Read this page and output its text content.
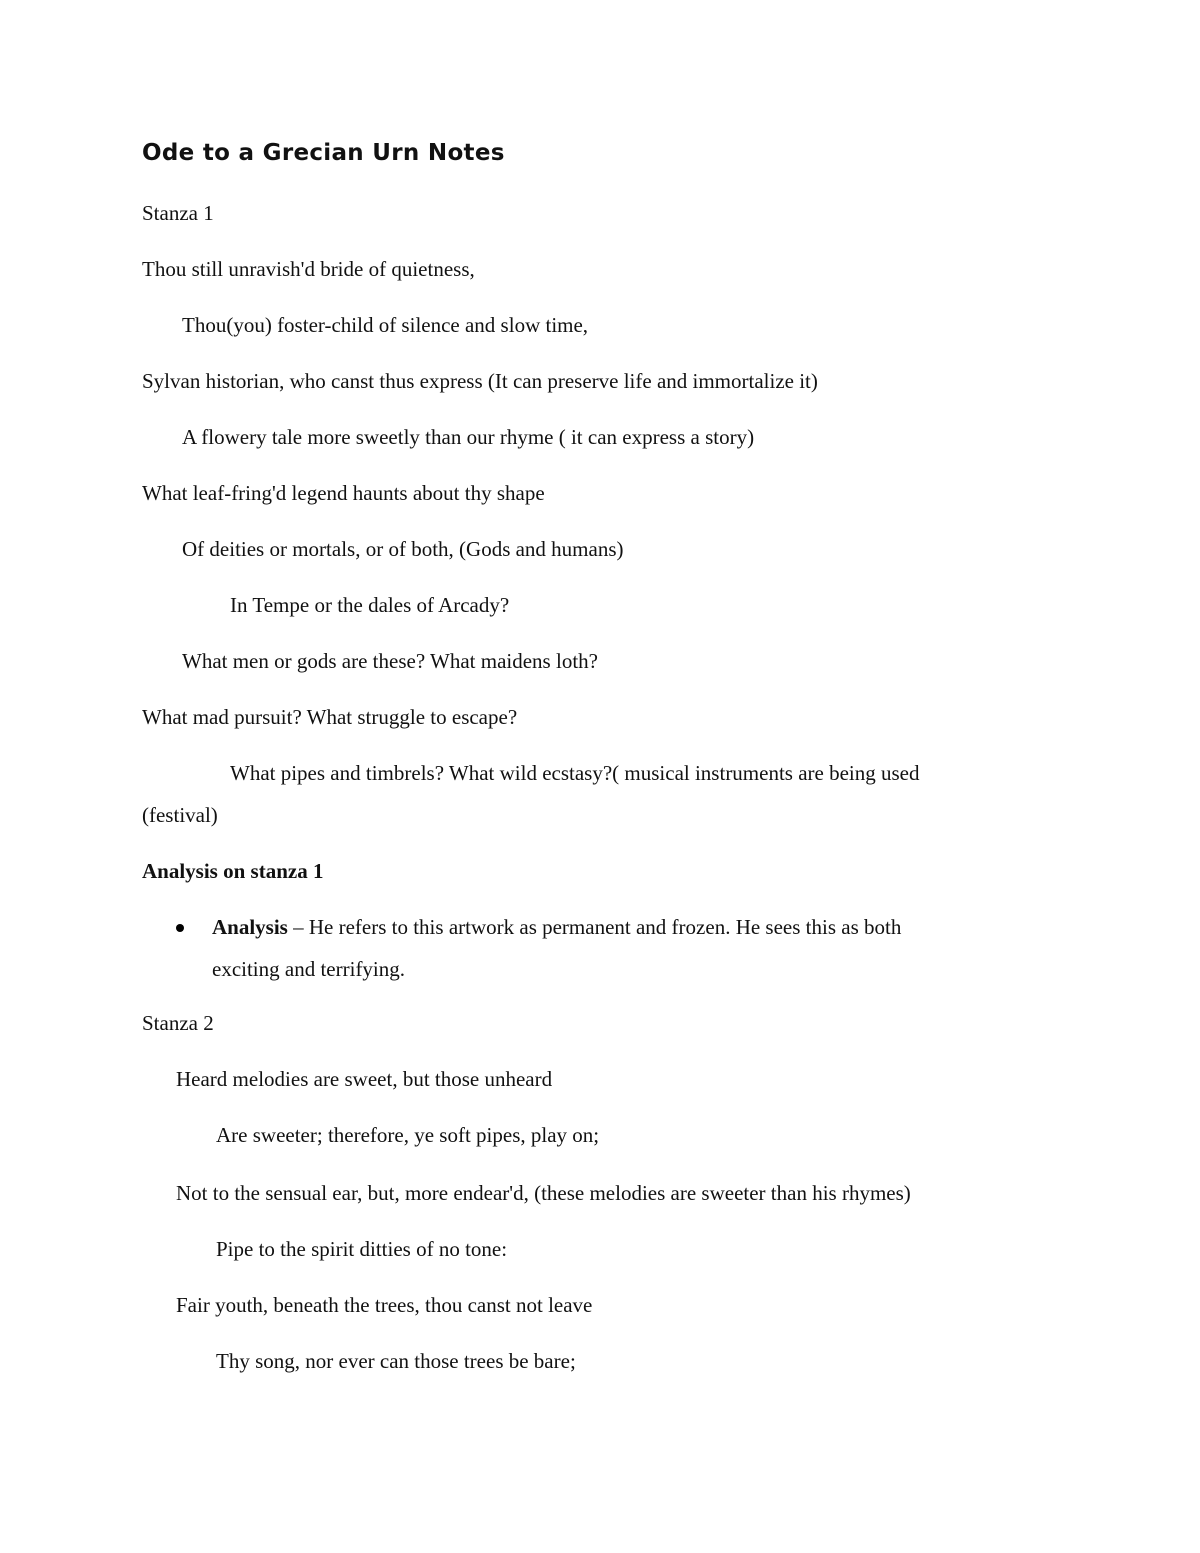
Ode to a Grecian Urn Notes
Stanza 1
Thou still unravish'd bride of quietness,
Thou(you) foster-child of silence and slow time,
Sylvan historian, who canst thus express (It can preserve life and immortalize it)
A flowery tale more sweetly than our rhyme ( it can express a story)
What leaf-fring'd legend haunts about thy shape
Of deities or mortals, or of both, (Gods and humans)
In Tempe or the dales of Arcady?
What men or gods are these? What maidens loth?
What mad pursuit? What struggle to escape?
What pipes and timbrels? What wild ecstasy?( musical instruments are being used
(festival)
Analysis on stanza 1
Analysis – He refers to this artwork as permanent and frozen. He sees this as both
exciting and terrifying.
Stanza 2
Heard melodies are sweet, but those unheard
Are sweeter; therefore, ye soft pipes, play on;
Not to the sensual ear, but, more endear'd, (these melodies are sweeter than his rhymes)
Pipe to the spirit ditties of no tone:
Fair youth, beneath the trees, thou canst not leave
Thy song, nor ever can those trees be bare;
